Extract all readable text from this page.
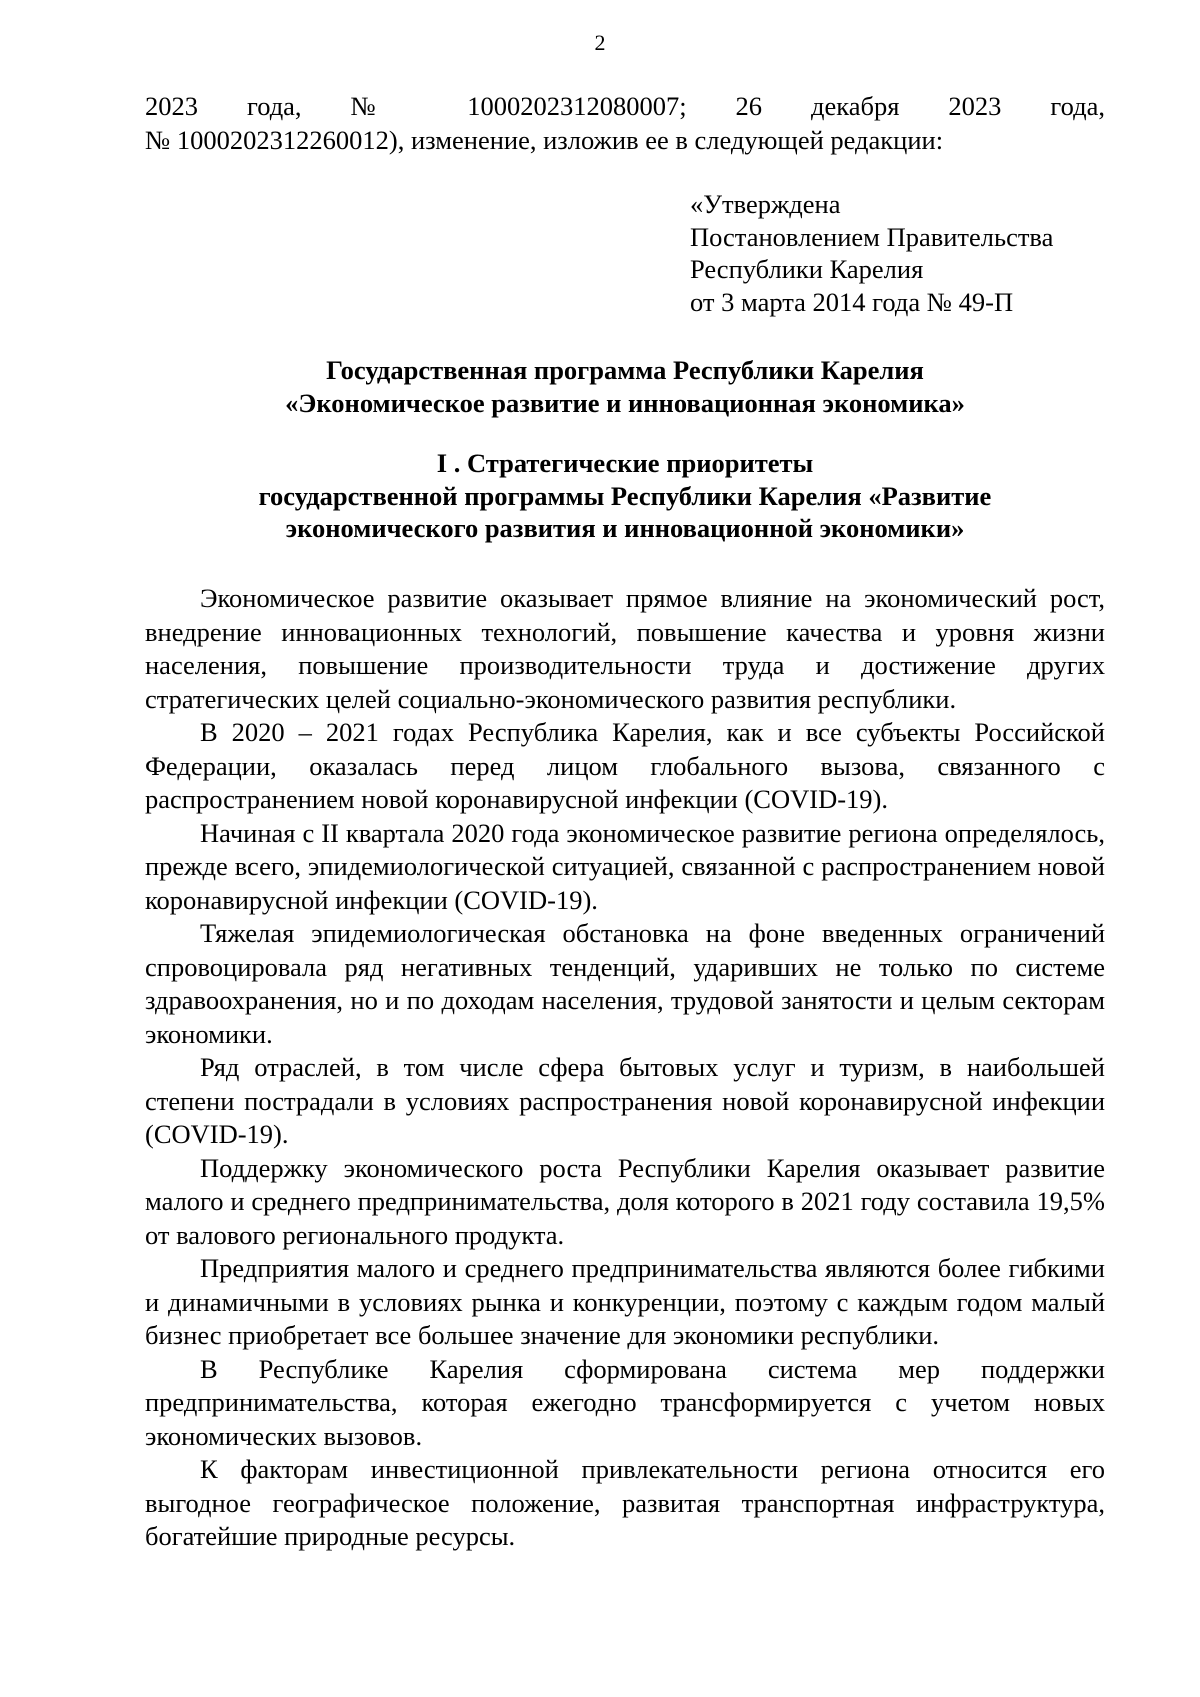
2

2023 года, № 1000202312080007; 26 декабря 2023 года,

№ 1000202312260012), изменение, изложив ее в следующей редакции:

«Утверждена
Постановлением Правительства
Республики Карелия
от 3 марта 2014 года № 49-П
Государственная программа Республики Карелия
«Экономическое развитие и инновационная экономика»
I . Стратегические приоритеты
государственной программы Республики Карелия «Развитие
экономического развития и инновационной экономики»

Экономическое развитие оказывает прямое влияние на экономический рост, внедрение инновационных технологий, повышение качества и уровня жизни населения, повышение производительности труда и достижение других стратегических целей социально-экономического развития республики.

В 2020 – 2021 годах Республика Карелия, как и все субъекты Российской Федерации, оказалась перед лицом глобального вызова, связанного с распространением новой коронавирусной инфекции (COVID-19).

Начиная с II квартала 2020 года экономическое развитие региона определялось, прежде всего, эпидемиологической ситуацией, связанной с распространением новой коронавирусной инфекции (COVID-19).

Тяжелая эпидемиологическая обстановка на фоне введенных ограничений спровоцировала ряд негативных тенденций, ударивших не только по системе здравоохранения, но и по доходам населения, трудовой занятости и целым секторам экономики.

Ряд отраслей, в том числе сфера бытовых услуг и туризм, в наибольшей степени пострадали в условиях распространения новой коронавирусной инфекции (COVID-19).

Поддержку экономического роста Республики Карелия оказывает развитие малого и среднего предпринимательства, доля которого в 2021 году составила 19,5% от валового регионального продукта.

Предприятия малого и среднего предпринимательства являются более гибкими и динамичными в условиях рынка и конкуренции, поэтому с каждым годом малый бизнес приобретает все большее значение для экономики республики.

В Республике Карелия сформирована система мер поддержки предпринимательства, которая ежегодно трансформируется с учетом новых экономических вызовов.

К факторам инвестиционной привлекательности региона относится его выгодное географическое положение, развитая транспортная инфраструктура, богатейшие природные ресурсы.
